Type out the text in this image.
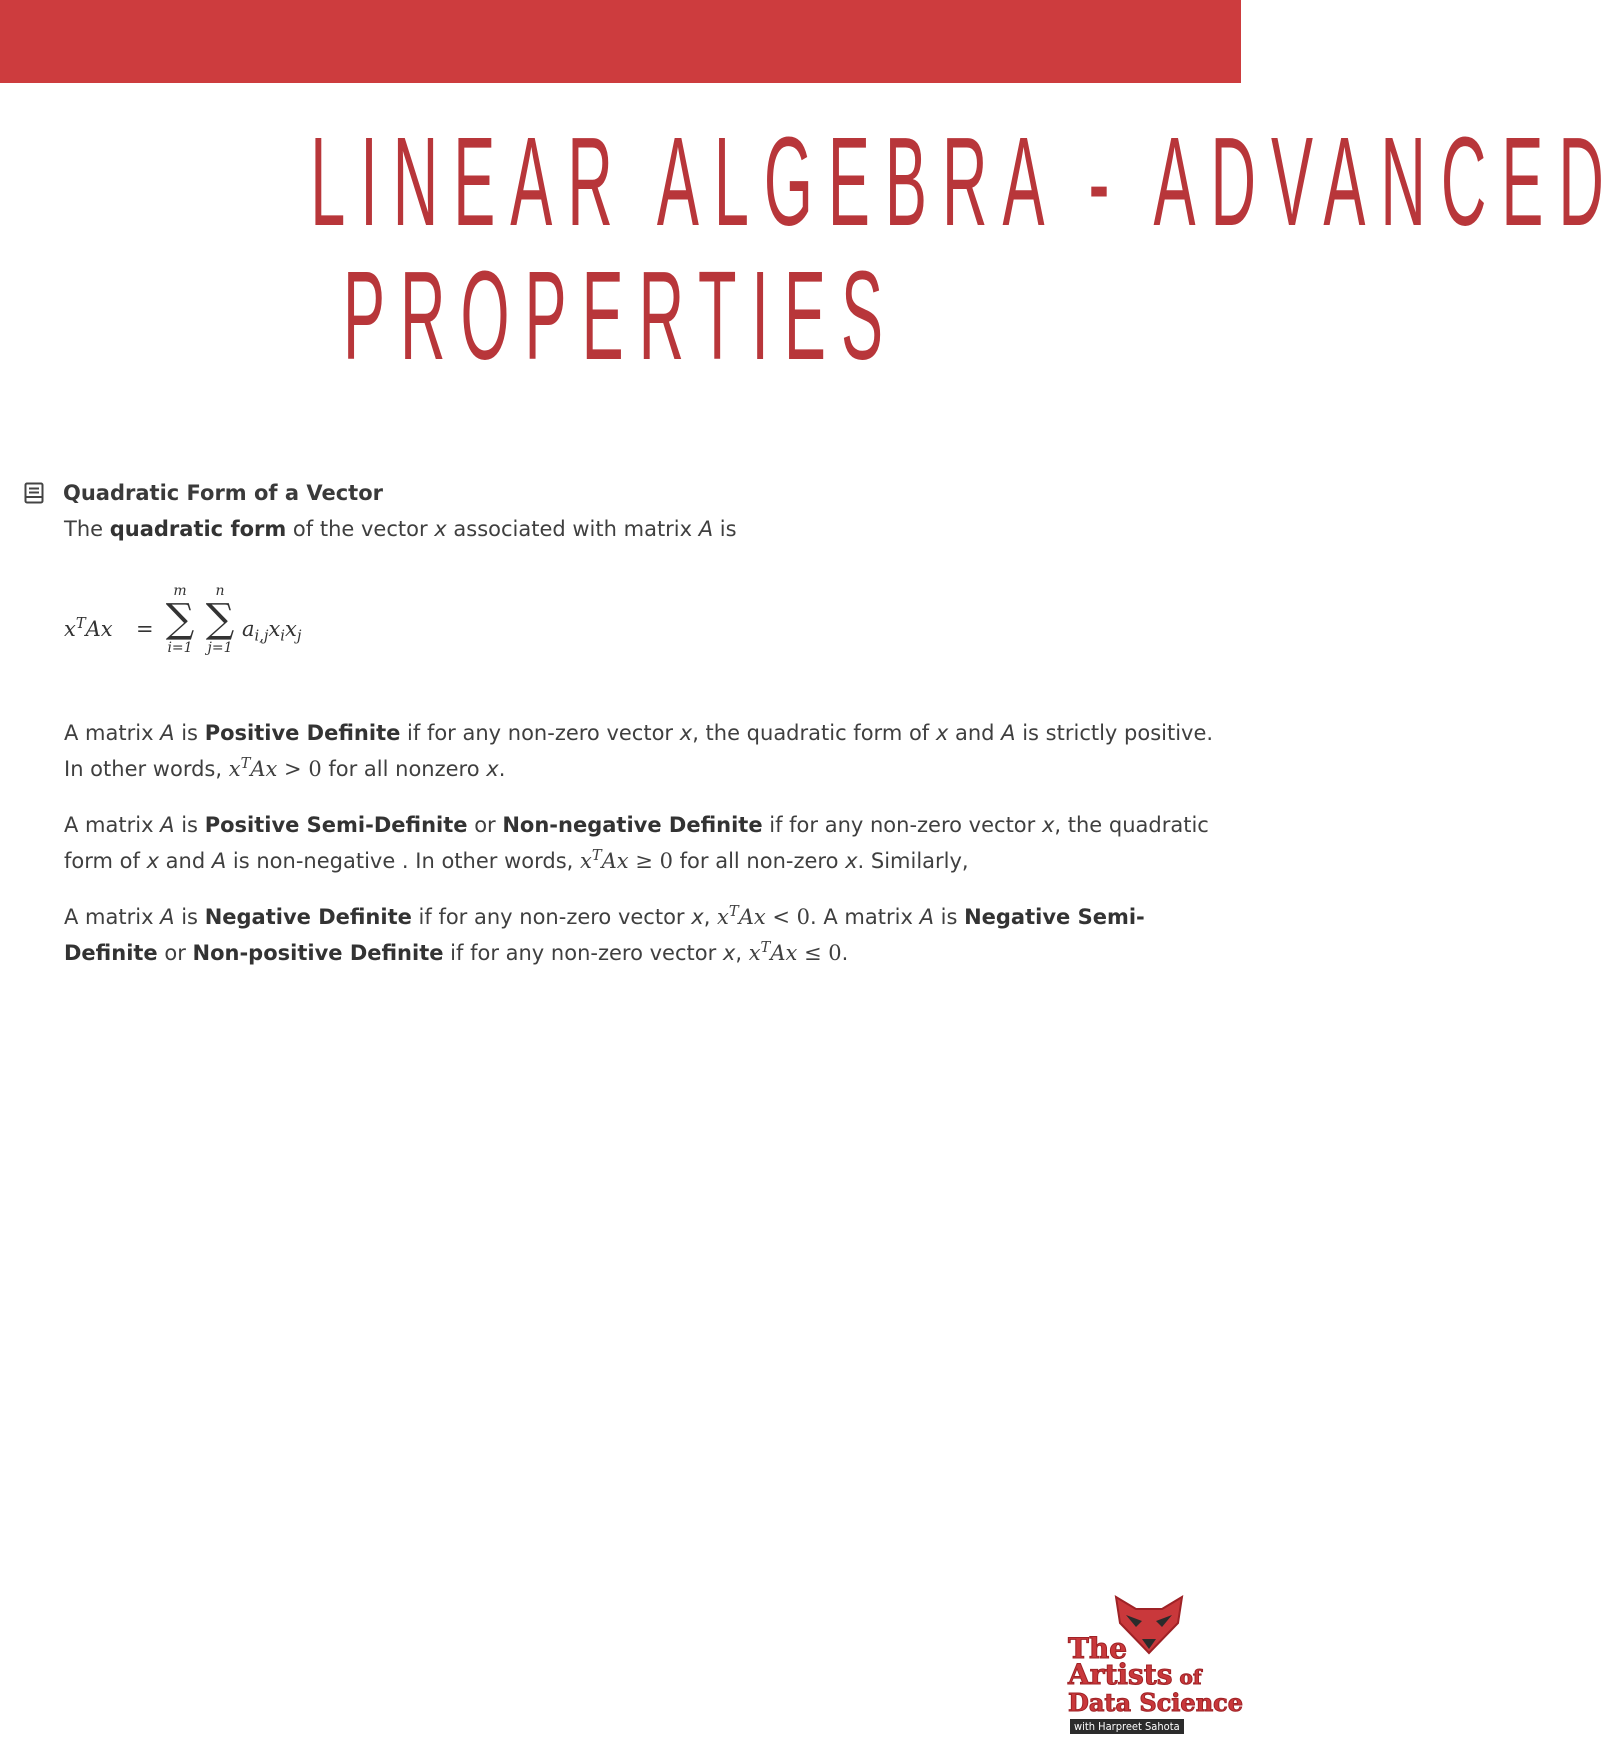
LINEAR ALGEBRA - ADVANCED
PROPERTIES
Quadratic Form of a Vector

The quadratic form of the vector x associated with matrix A is

$x^TAx$ =
m
∑
i=1
n
∑
j=1
$a_{i,j}x_ix_j$

A matrix A is Positive Definite if for any non-zero vector x, the quadratic form of x and A is strictly positive. In other words, $x^TAx > 0$ for all nonzero x.

A matrix A is Positive Semi-Definite or Non-negative Definite if for any non-zero vector x, the quadratic form of x and A is non-negative . In other words, $x^TAx \ge 0$ for all non-zero x. Similarly,

A matrix A is Negative Definite if for any non-zero vector x, $x^TAx < 0$. A matrix A is Negative Semi-Definite or Non-positive Definite if for any non-zero vector x, $x^TAx \le 0$.

The
Artists of
Data Science
with Harpreet Sahota
